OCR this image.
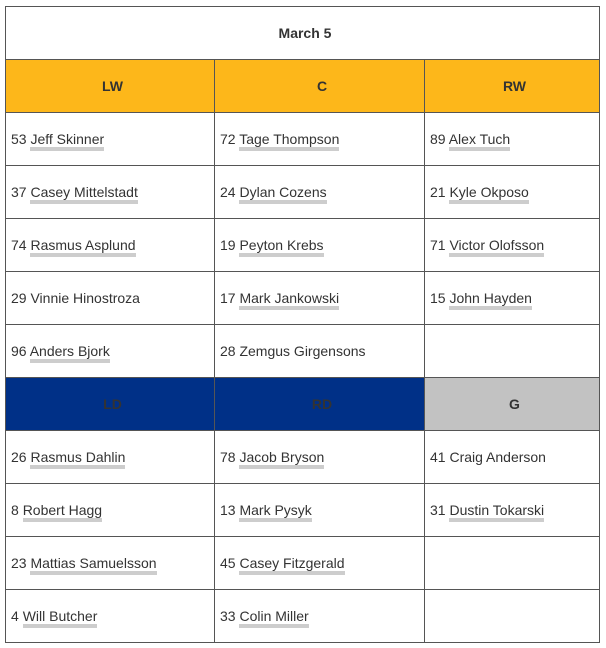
March 5		
LW	C	RW
53 Jeff Skinner	72 Tage Thompson	89 Alex Tuch
37 Casey Mittelstadt	24 Dylan Cozens	21 Kyle Okposo
74 Rasmus Asplund	19 Peyton Krebs	71 Victor Olofsson
29 Vinnie Hinostroza	17 Mark Jankowski	15 John Hayden
96 Anders Bjork	28 Zemgus Girgensons	
LD	RD	G
26 Rasmus Dahlin	78 Jacob Bryson	41 Craig Anderson
8 Robert Hagg	13 Mark Pysyk	31 Dustin Tokarski
23 Mattias Samuelsson	45 Casey Fitzgerald	
4 Will Butcher	33 Colin Miller	
